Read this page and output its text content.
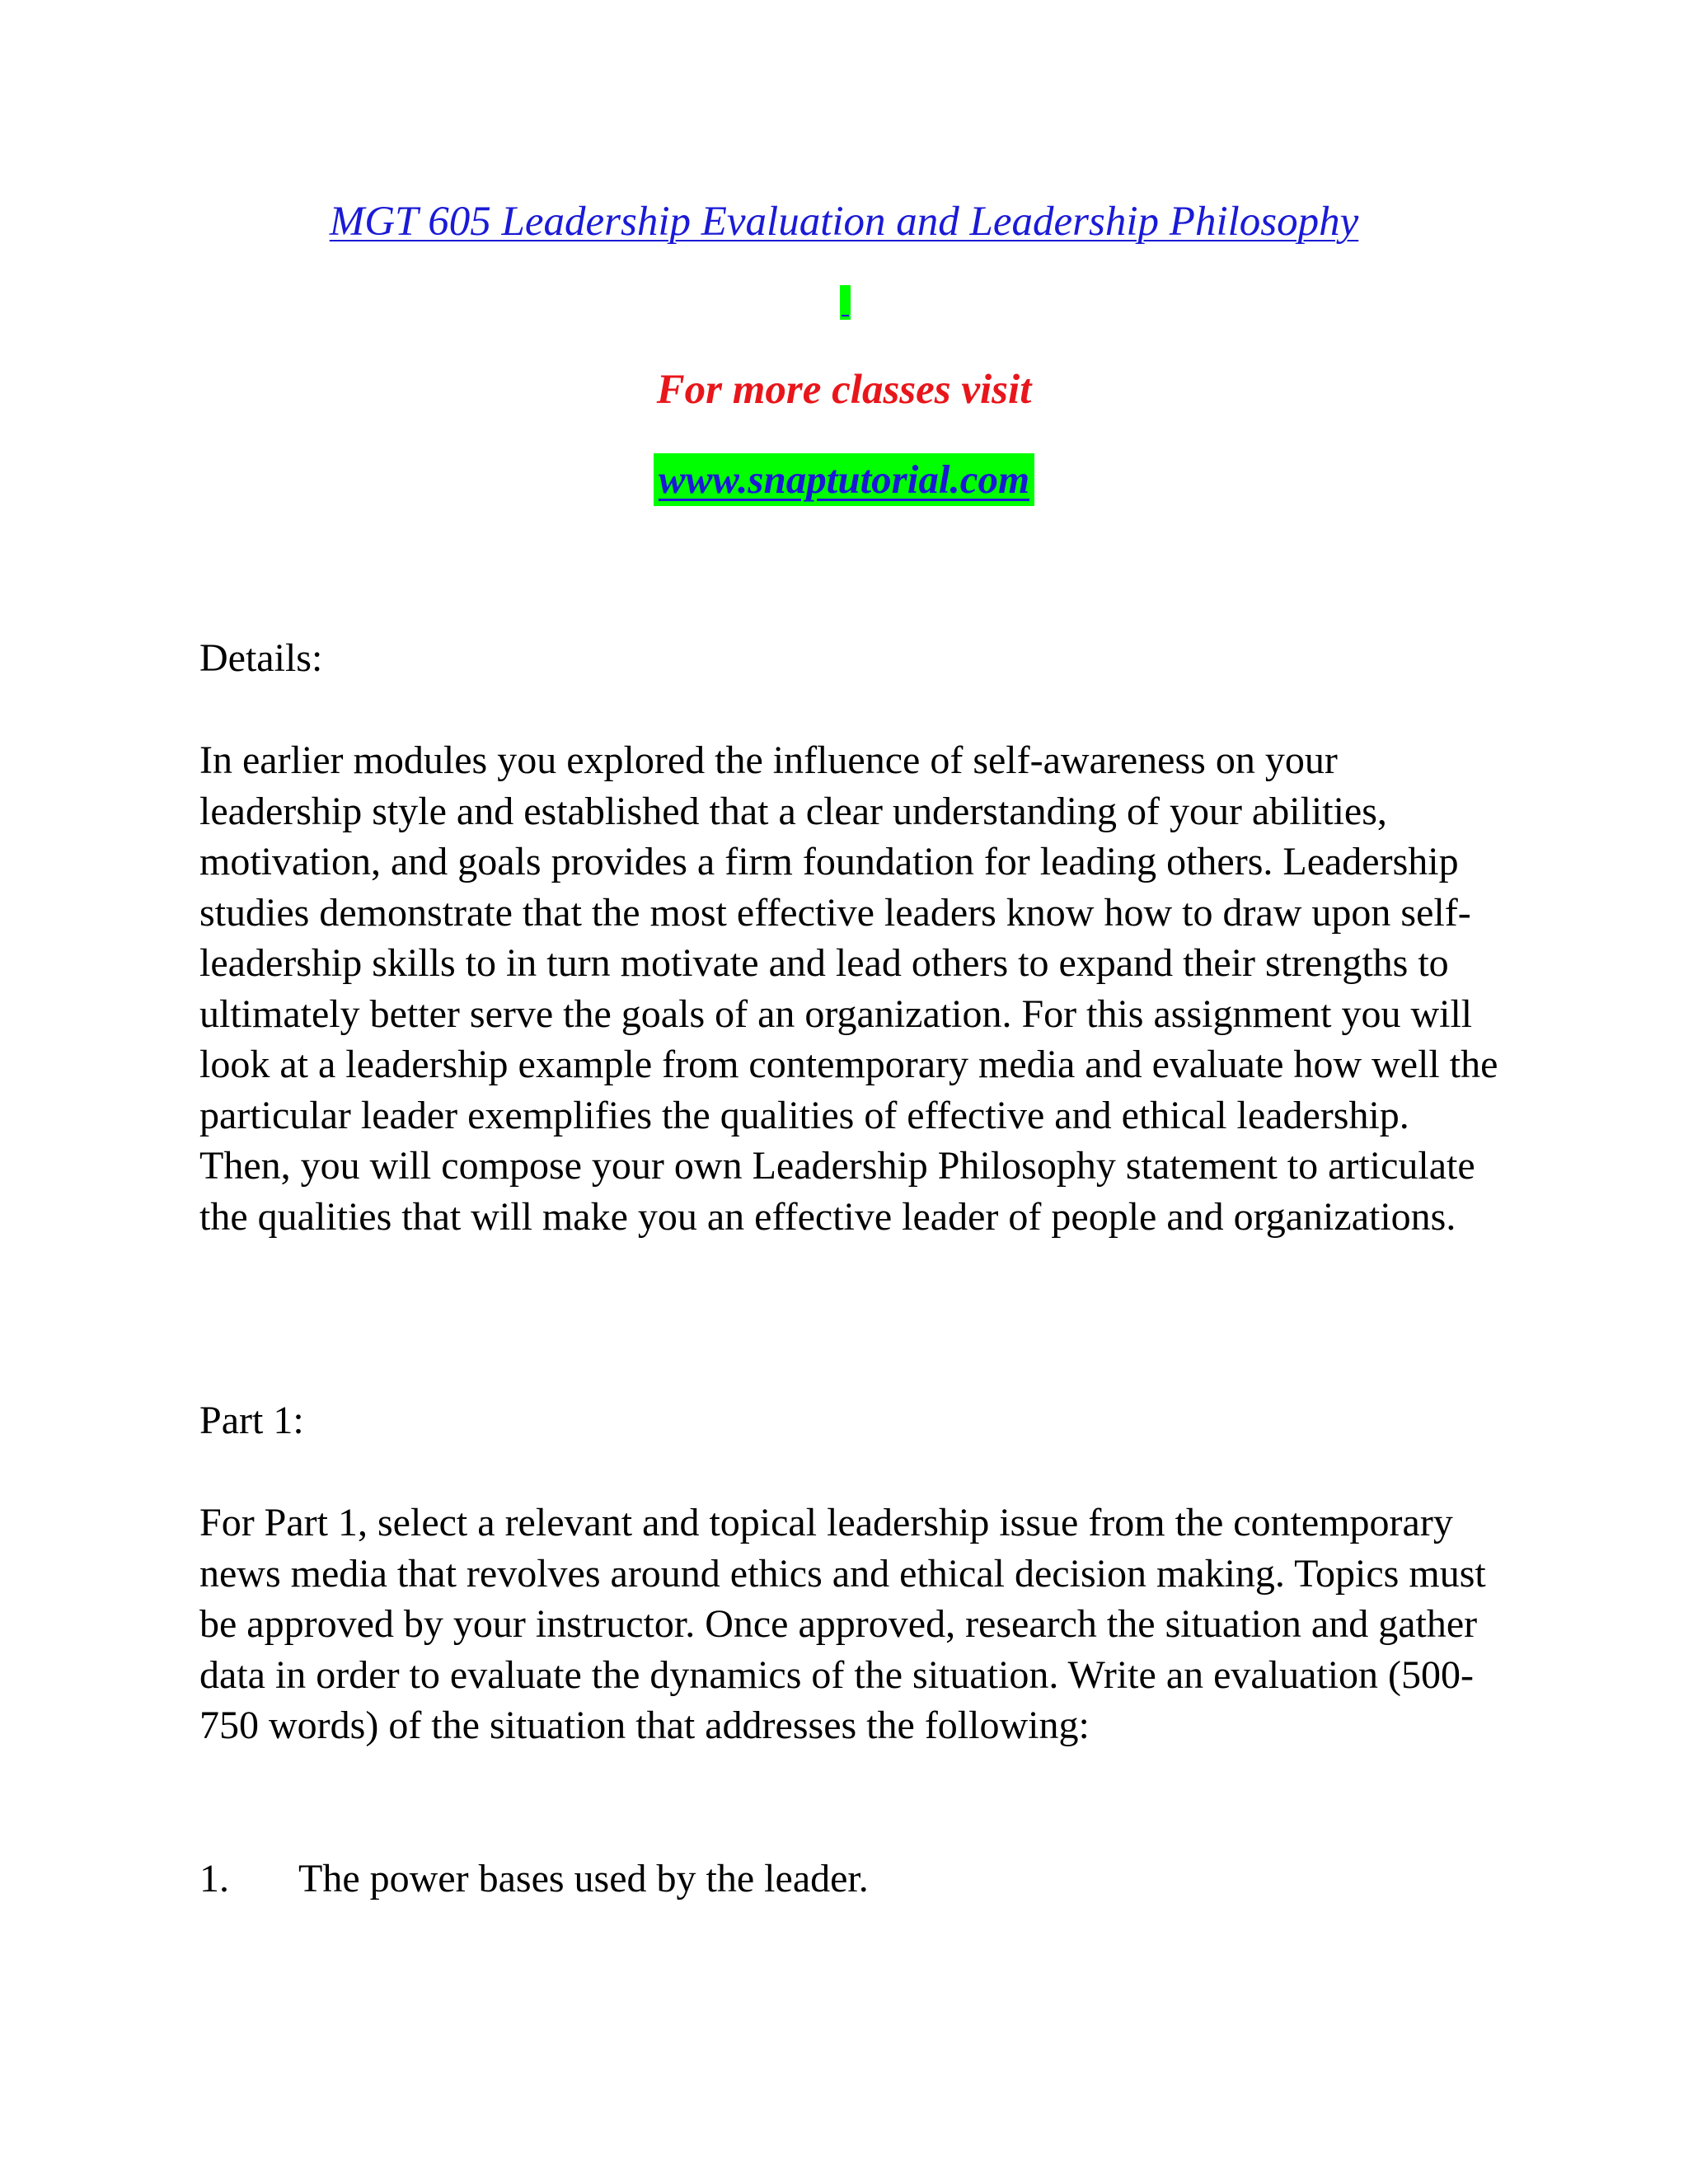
MGT 605 Leadership Evaluation and Leadership Philosophy
For more classes visit
www.snaptutorial.com
Details:
In earlier modules you explored the influence of self-awareness on your leadership style and established that a clear understanding of your abilities, motivation, and goals provides a firm foundation for leading others. Leadership studies demonstrate that the most effective leaders know how to draw upon self-leadership skills to in turn motivate and lead others to expand their strengths to ultimately better serve the goals of an organization. For this assignment you will look at a leadership example from contemporary media and evaluate how well the particular leader exemplifies the qualities of effective and ethical leadership. Then, you will compose your own Leadership Philosophy statement to articulate the qualities that will make you an effective leader of people and organizations.
Part 1:
For Part 1, select a relevant and topical leadership issue from the contemporary news media that revolves around ethics and ethical decision making. Topics must be approved by your instructor. Once approved, research the situation and gather data in order to evaluate the dynamics of the situation. Write an evaluation (500-750 words) of the situation that addresses the following:
1. The power bases used by the leader.
